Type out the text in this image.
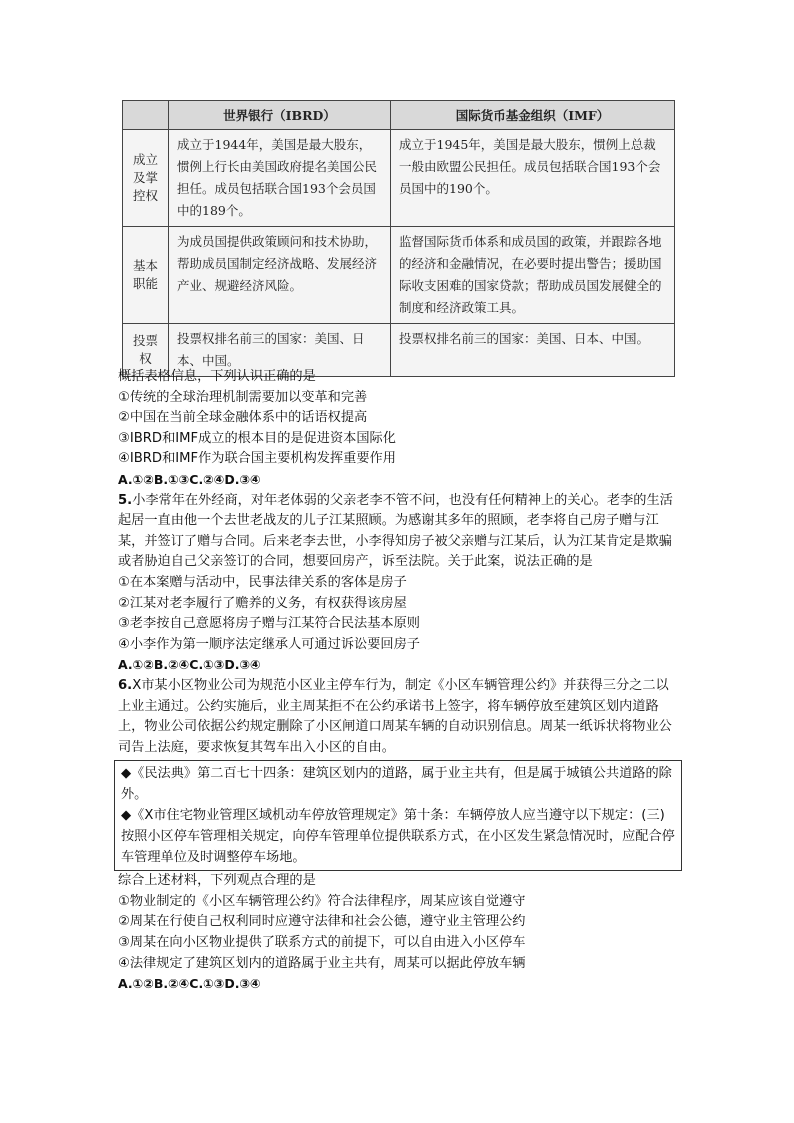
	世界银行（IBRD）	国际货币基金组织（IMF）

成立
及掌
控权	成立于1944年，美国是最大股东，惯例上行长由美国政府提名美国公民担任。成员包括联合国193个会员国中的189个。	成立于1945年，美国是最大股东，惯例上总裁一般由欧盟公民担任。成员包括联合国193个会员国中的190个。

基本
职能	为成员国提供政策顾问和技术协助，帮助成员国制定经济战略、发展经济产业、规避经济风险。	监督国际货币体系和成员国的政策，并跟踪各地的经济和金融情况，在必要时提出警告；援助国际收支困难的国家贷款；帮助成员国发展健全的制度和经济政策工具。

投票
权	投票权排名前三的国家：美国、日本、中国。	投票权排名前三的国家：美国、日本、中国。

概括表格信息，下列认识正确的是

①传统的全球治理机制需要加以变革和完善

②中国在当前全球金融体系中的话语权提高

③IBRD和IMF成立的根本目的是促进资本国际化

④IBRD和IMF作为联合国主要机构发挥重要作用

A.①②B.①③C.②④D.③④

5.小李常年在外经商，对年老体弱的父亲老李不管不问，也没有任何精神上的关心。老李的生活起居一直由他一个去世老战友的儿子江某照顾。为感谢其多年的照顾，老李将自己房子赠与江某，并签订了赠与合同。后来老李去世，小李得知房子被父亲赠与江某后，认为江某肯定是欺骗或者胁迫自己父亲签订的合同，想要回房产，诉至法院。关于此案，说法正确的是

①在本案赠与活动中，民事法律关系的客体是房子

②江某对老李履行了赡养的义务，有权获得该房屋

③老李按自己意愿将房子赠与江某符合民法基本原则

④小李作为第一顺序法定继承人可通过诉讼要回房子

A.①②B.②④C.①③D.③④

6.X市某小区物业公司为规范小区业主停车行为，制定《小区车辆管理公约》并获得三分之二以上业主通过。公约实施后，业主周某拒不在公约承诺书上签字，将车辆停放至建筑区划内道路上，物业公司依据公约规定删除了小区闸道口周某车辆的自动识别信息。周某一纸诉状将物业公司告上法庭，要求恢复其驾车出入小区的自由。

◆《民法典》第二百七十四条：建筑区划内的道路，属于业主共有，但是属于城镇公共道路的除外。

◆《X市住宅物业管理区域机动车停放管理规定》第十条：车辆停放人应当遵守以下规定：(三)按照小区停车管理相关规定，向停车管理单位提供联系方式，在小区发生紧急情况时，应配合停车管理单位及时调整停车场地。

综合上述材料，下列观点合理的是

①物业制定的《小区车辆管理公约》符合法律程序，周某应该自觉遵守

②周某在行使自己权利同时应遵守法律和社会公德，遵守业主管理公约

③周某在向小区物业提供了联系方式的前提下，可以自由进入小区停车

④法律规定了建筑区划内的道路属于业主共有，周某可以据此停放车辆

A.①②B.②④C.①③D.③④
